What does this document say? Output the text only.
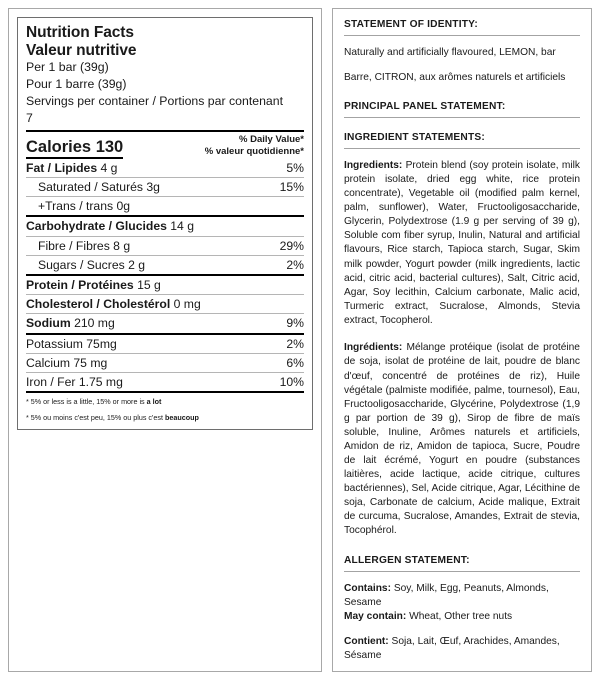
Nutrition Facts
Valeur nutritive
Per 1 bar (39g)
Pour 1 barre (39g)
Servings per container / Portions par contenant
7
% Daily Value*
% valeur quotidienne*
Calories 130
Fat / Lipides 4 g	5%
Saturated / Saturés 3g	15%
+Trans / trans 0g
Carbohydrate / Glucides 14 g
Fibre / Fibres 8 g	29%
Sugars / Sucres 2 g	2%
Protein / Protéines 15 g
Cholesterol / Cholestérol 0 mg
Sodium 210 mg	9%
Potassium 75mg	2%
Calcium 75 mg	6%
Iron / Fer 1.75 mg	10%
* 5% or less is a little, 15% or more is a lot
* 5% ou moins c'est peu, 15% ou plus c'est beaucoup
STATEMENT OF IDENTITY:
Naturally and artificially flavoured, LEMON, bar
Barre, CITRON, aux arômes naturels et artificiels
PRINCIPAL PANEL STATEMENT:
INGREDIENT STATEMENTS:
Ingredients: Protein blend (soy protein isolate, milk protein isolate, dried egg white, rice protein concentrate), Vegetable oil (modified palm kernel, palm, sunflower), Water, Fructooligosaccharide, Glycerin, Polydextrose (1.9 g per serving of 39 g), Soluble com fiber syrup, Inulin, Natural and artificial flavours, Rice starch, Tapioca starch, Sugar, Skim milk powder, Yogurt powder (milk ingredients, lactic acid, citric acid, bacterial cultures), Salt, Citric acid, Agar, Soy lecithin, Calcium carbonate, Malic acid, Turmeric extract, Sucralose, Almonds, Stevia extract, Tocopherol.
Ingrédients: Mélange protéique (isolat de protéine de soja, isolat de protéine de lait, poudre de blanc d'œuf, concentré de protéines de riz), Huile végétale (palmiste modifiée, palme, tournesol), Eau, Fructooligosaccharide, Glycérine, Polydextrose (1,9 g par portion de 39 g), Sirop de fibre de maïs soluble, Inuline, Arômes naturels et artificiels, Amidon de riz, Amidon de tapioca, Sucre, Poudre de lait écrémé, Yogurt en poudre (substances laitières, acide lactique, acide citrique, cultures bactériennes), Sel, Acide citrique, Agar, Lécithine de soja, Carbonate de calcium, Acide malique, Extrait de curcuma, Sucralose, Amandes, Extrait de stevia, Tocophérol.
ALLERGEN STATEMENT:
Contains: Soy, Milk, Egg, Peanuts, Almonds, Sesame
May contain: Wheat, Other tree nuts
Contient: Soja, Lait, Œuf, Arachides, Amandes, Sésame
